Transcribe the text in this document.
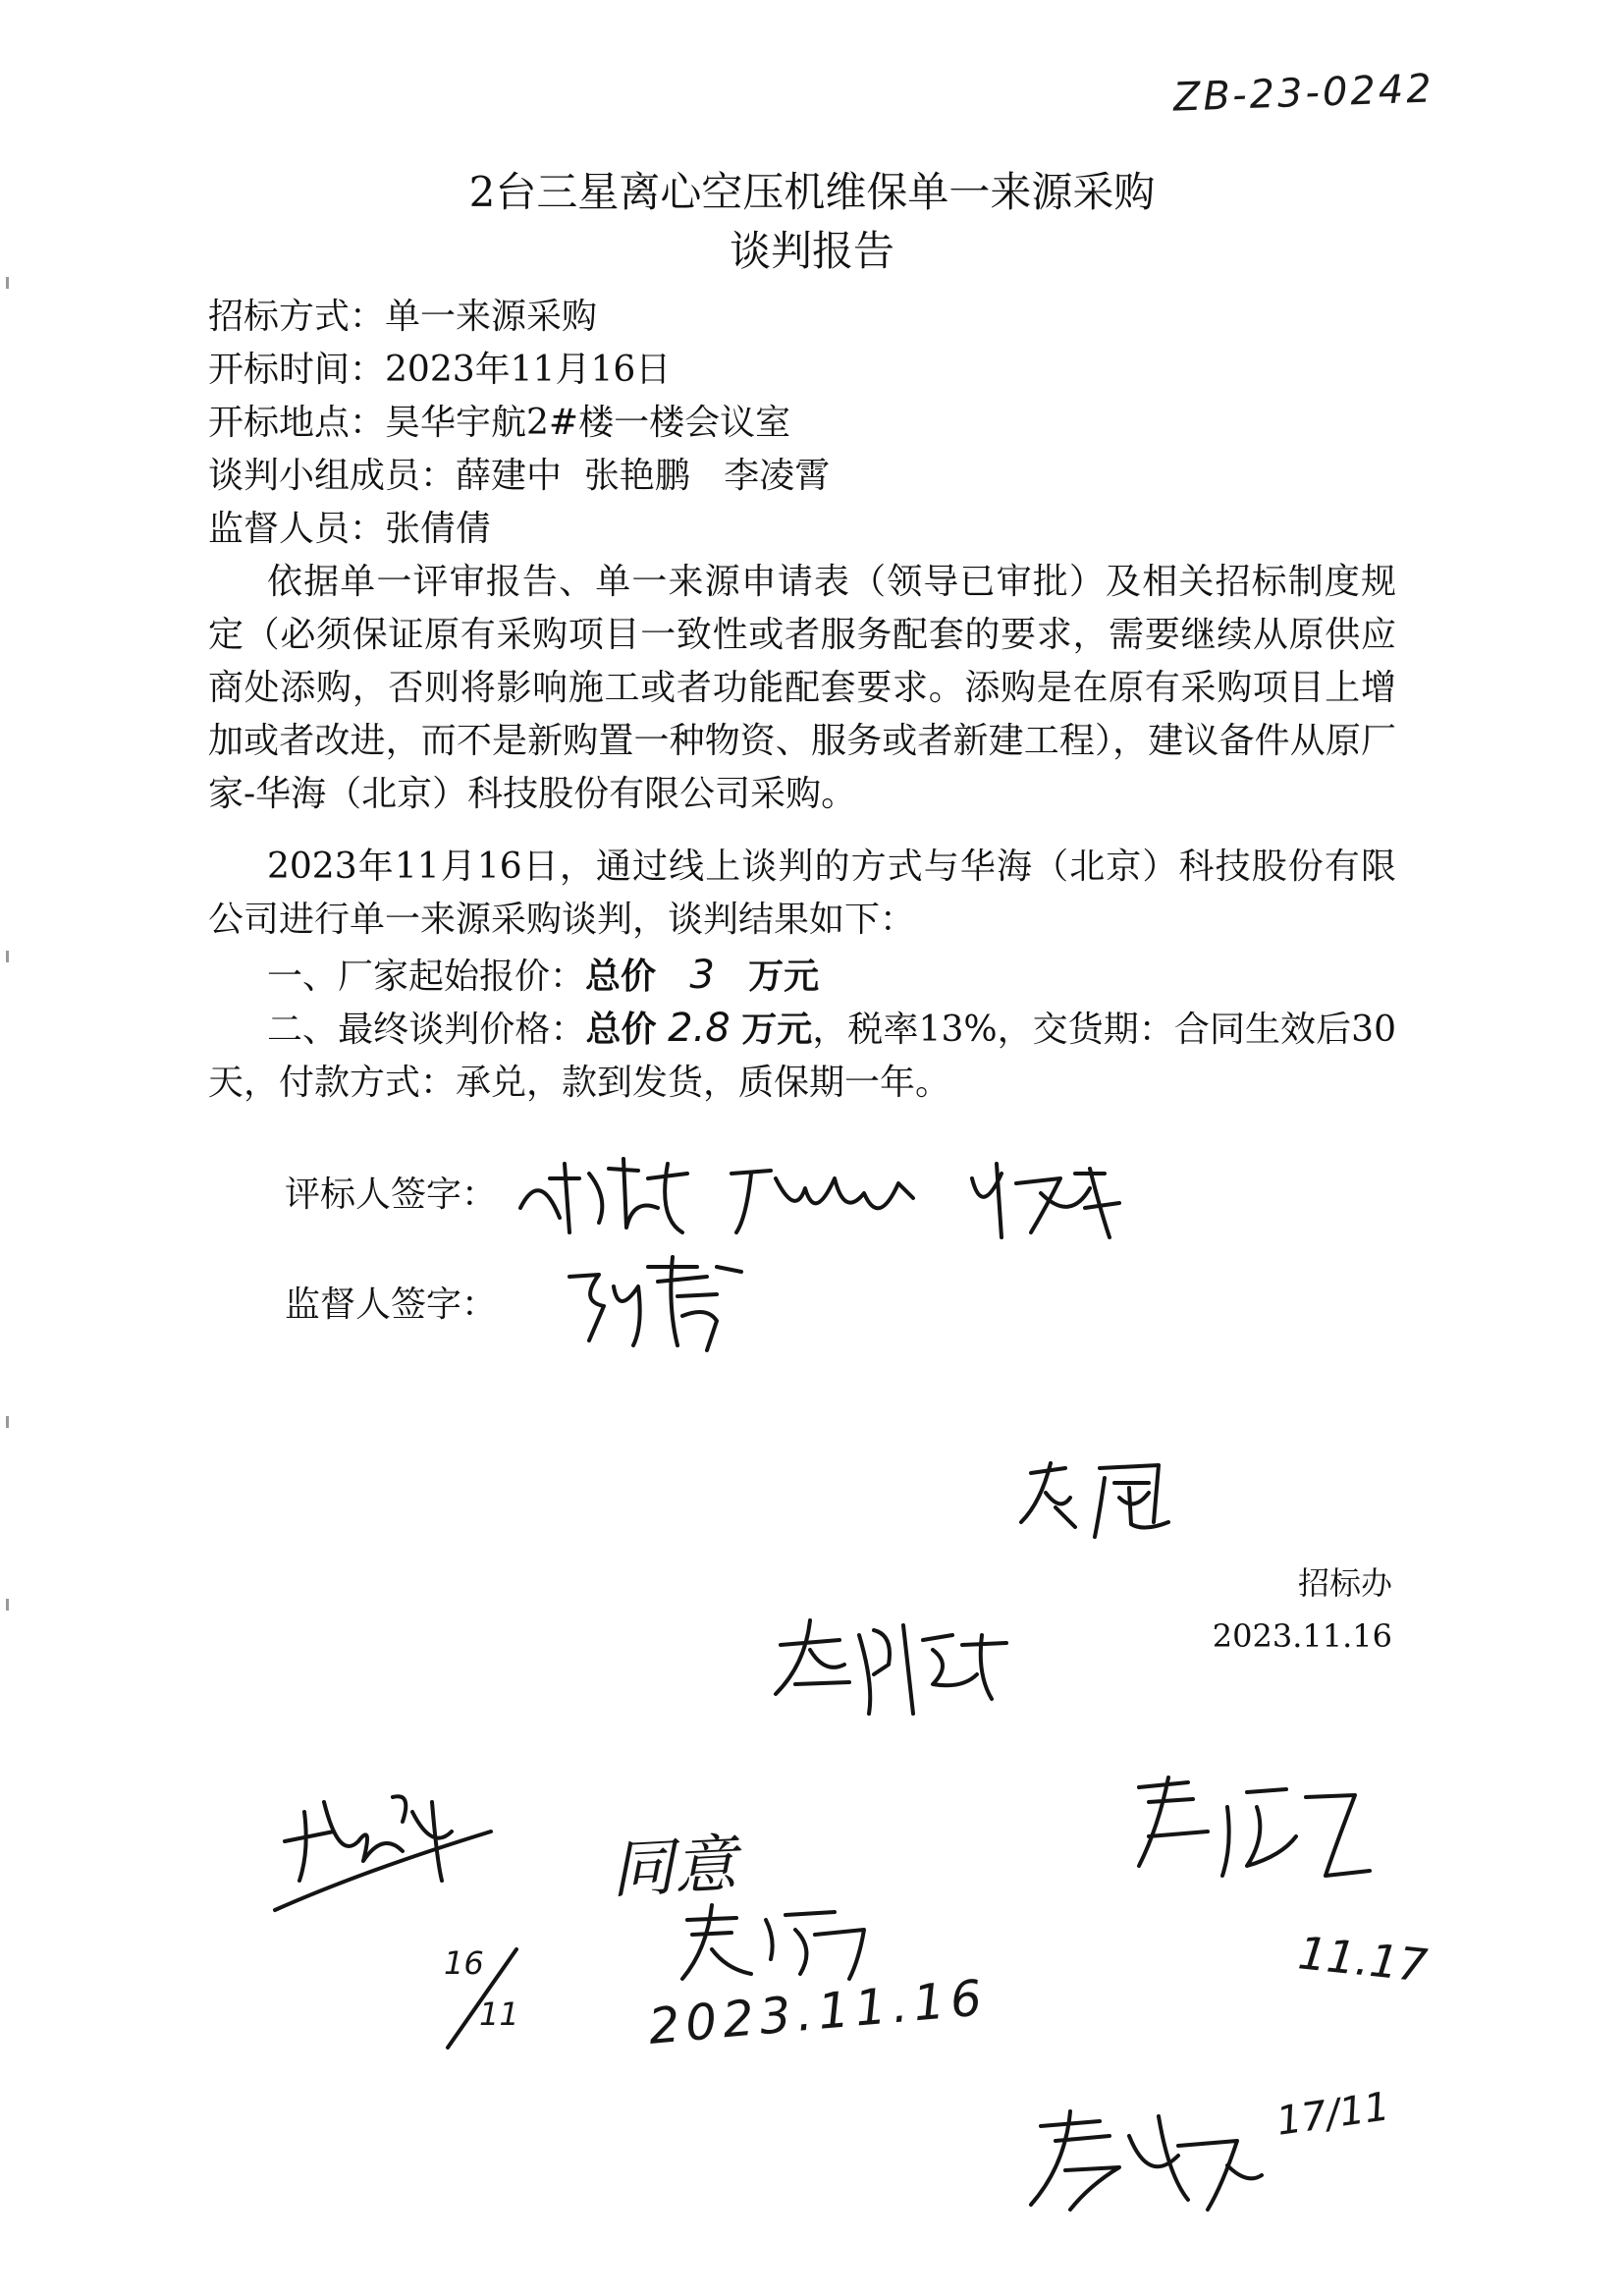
ZB-23-0242
2台三星离心空压机维保单一来源采购
谈判报告
招标方式：单一来源采购
开标时间：2023年11月16日
开标地点：昊华宇航2#楼一楼会议室
谈判小组成员：薛建中  张艳鹏   李凌霄
监督人员：张倩倩
依据单一评审报告、单一来源申请表（领导已审批）及相关招标制度规定（必须保证原有采购项目一致性或者服务配套的要求，需要继续从原供应商处添购，否则将影响施工或者功能配套要求。添购是在原有采购项目上增加或者改进，而不是新购置一种物资、服务或者新建工程），建议备件从原厂家-华海（北京）科技股份有限公司采购。
2023年11月16日，通过线上谈判的方式与华海（北京）科技股份有限公司进行单一来源采购谈判，谈判结果如下：
一、厂家起始报价：总价 3 万元
二、最终谈判价格：总价 2.8 万元，税率13%，交货期：合同生效后30天，付款方式：承兑，款到发货，质保期一年。
评标人签字：
监督人签字：
招标办
2023.11.16
16
11
同意
2023.11.16
11.17
17/11
